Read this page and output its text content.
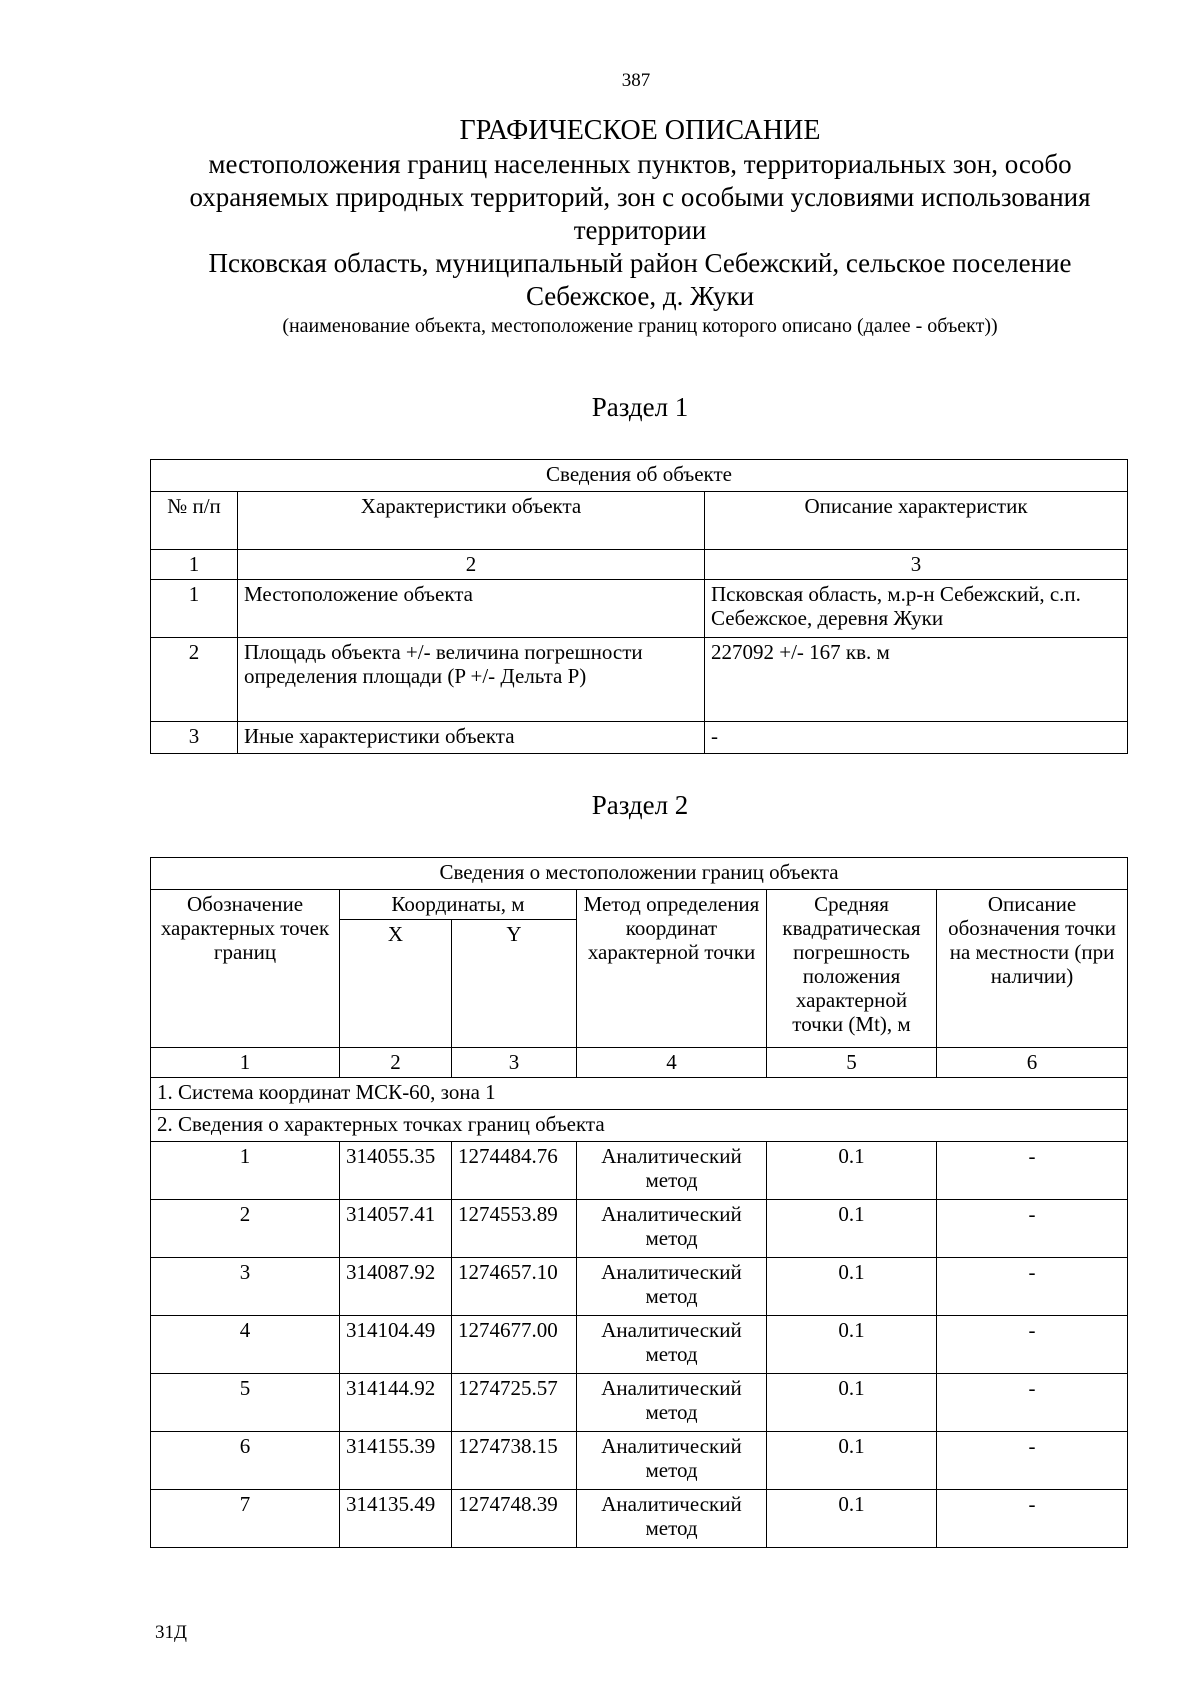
387
ГРАФИЧЕСКОЕ ОПИСАНИЕ
местоположения границ населенных пунктов, территориальных зон, особо охраняемых природных территорий, зон с особыми условиями использования территории
Псковская область, муниципальный район Себежский, сельское поселение Себежское, д. Жуки
(наименование объекта, местоположение границ которого описано (далее - объект))
Раздел 1
Сведения об объекте		
№ п/п	Характеристики объекта	Описание характеристик
1	2	3
1	Местоположение объекта	Псковская область, м.р-н Себежский, с.п. Себежское, деревня Жуки
2	Площадь объекта +/- величина погрешности определения площади (P +/- Дельта P)	227092 +/- 167 кв. м
3	Иные характеристики объекта	-
Раздел 2
Сведения о местоположении границ объекта					
Обозначение характерных точек границ	Координаты, м		Метод определения координат характерной точки	Средняя квадратическая погрешность положения характерной точки (Mt), м	Описание обозначения точки на местности (при наличии)
	X	Y			
1	2	3	4	5	6
1. Система координат МСК-60, зона 1					
2. Сведения о характерных точках границ объекта					
1	314055.35	1274484.76	Аналитический метод	0.1	-
2	314057.41	1274553.89	Аналитический метод	0.1	-
3	314087.92	1274657.10	Аналитический метод	0.1	-
4	314104.49	1274677.00	Аналитический метод	0.1	-
5	314144.92	1274725.57	Аналитический метод	0.1	-
6	314155.39	1274738.15	Аналитический метод	0.1	-
7	314135.49	1274748.39	Аналитический метод	0.1	-
31Д
